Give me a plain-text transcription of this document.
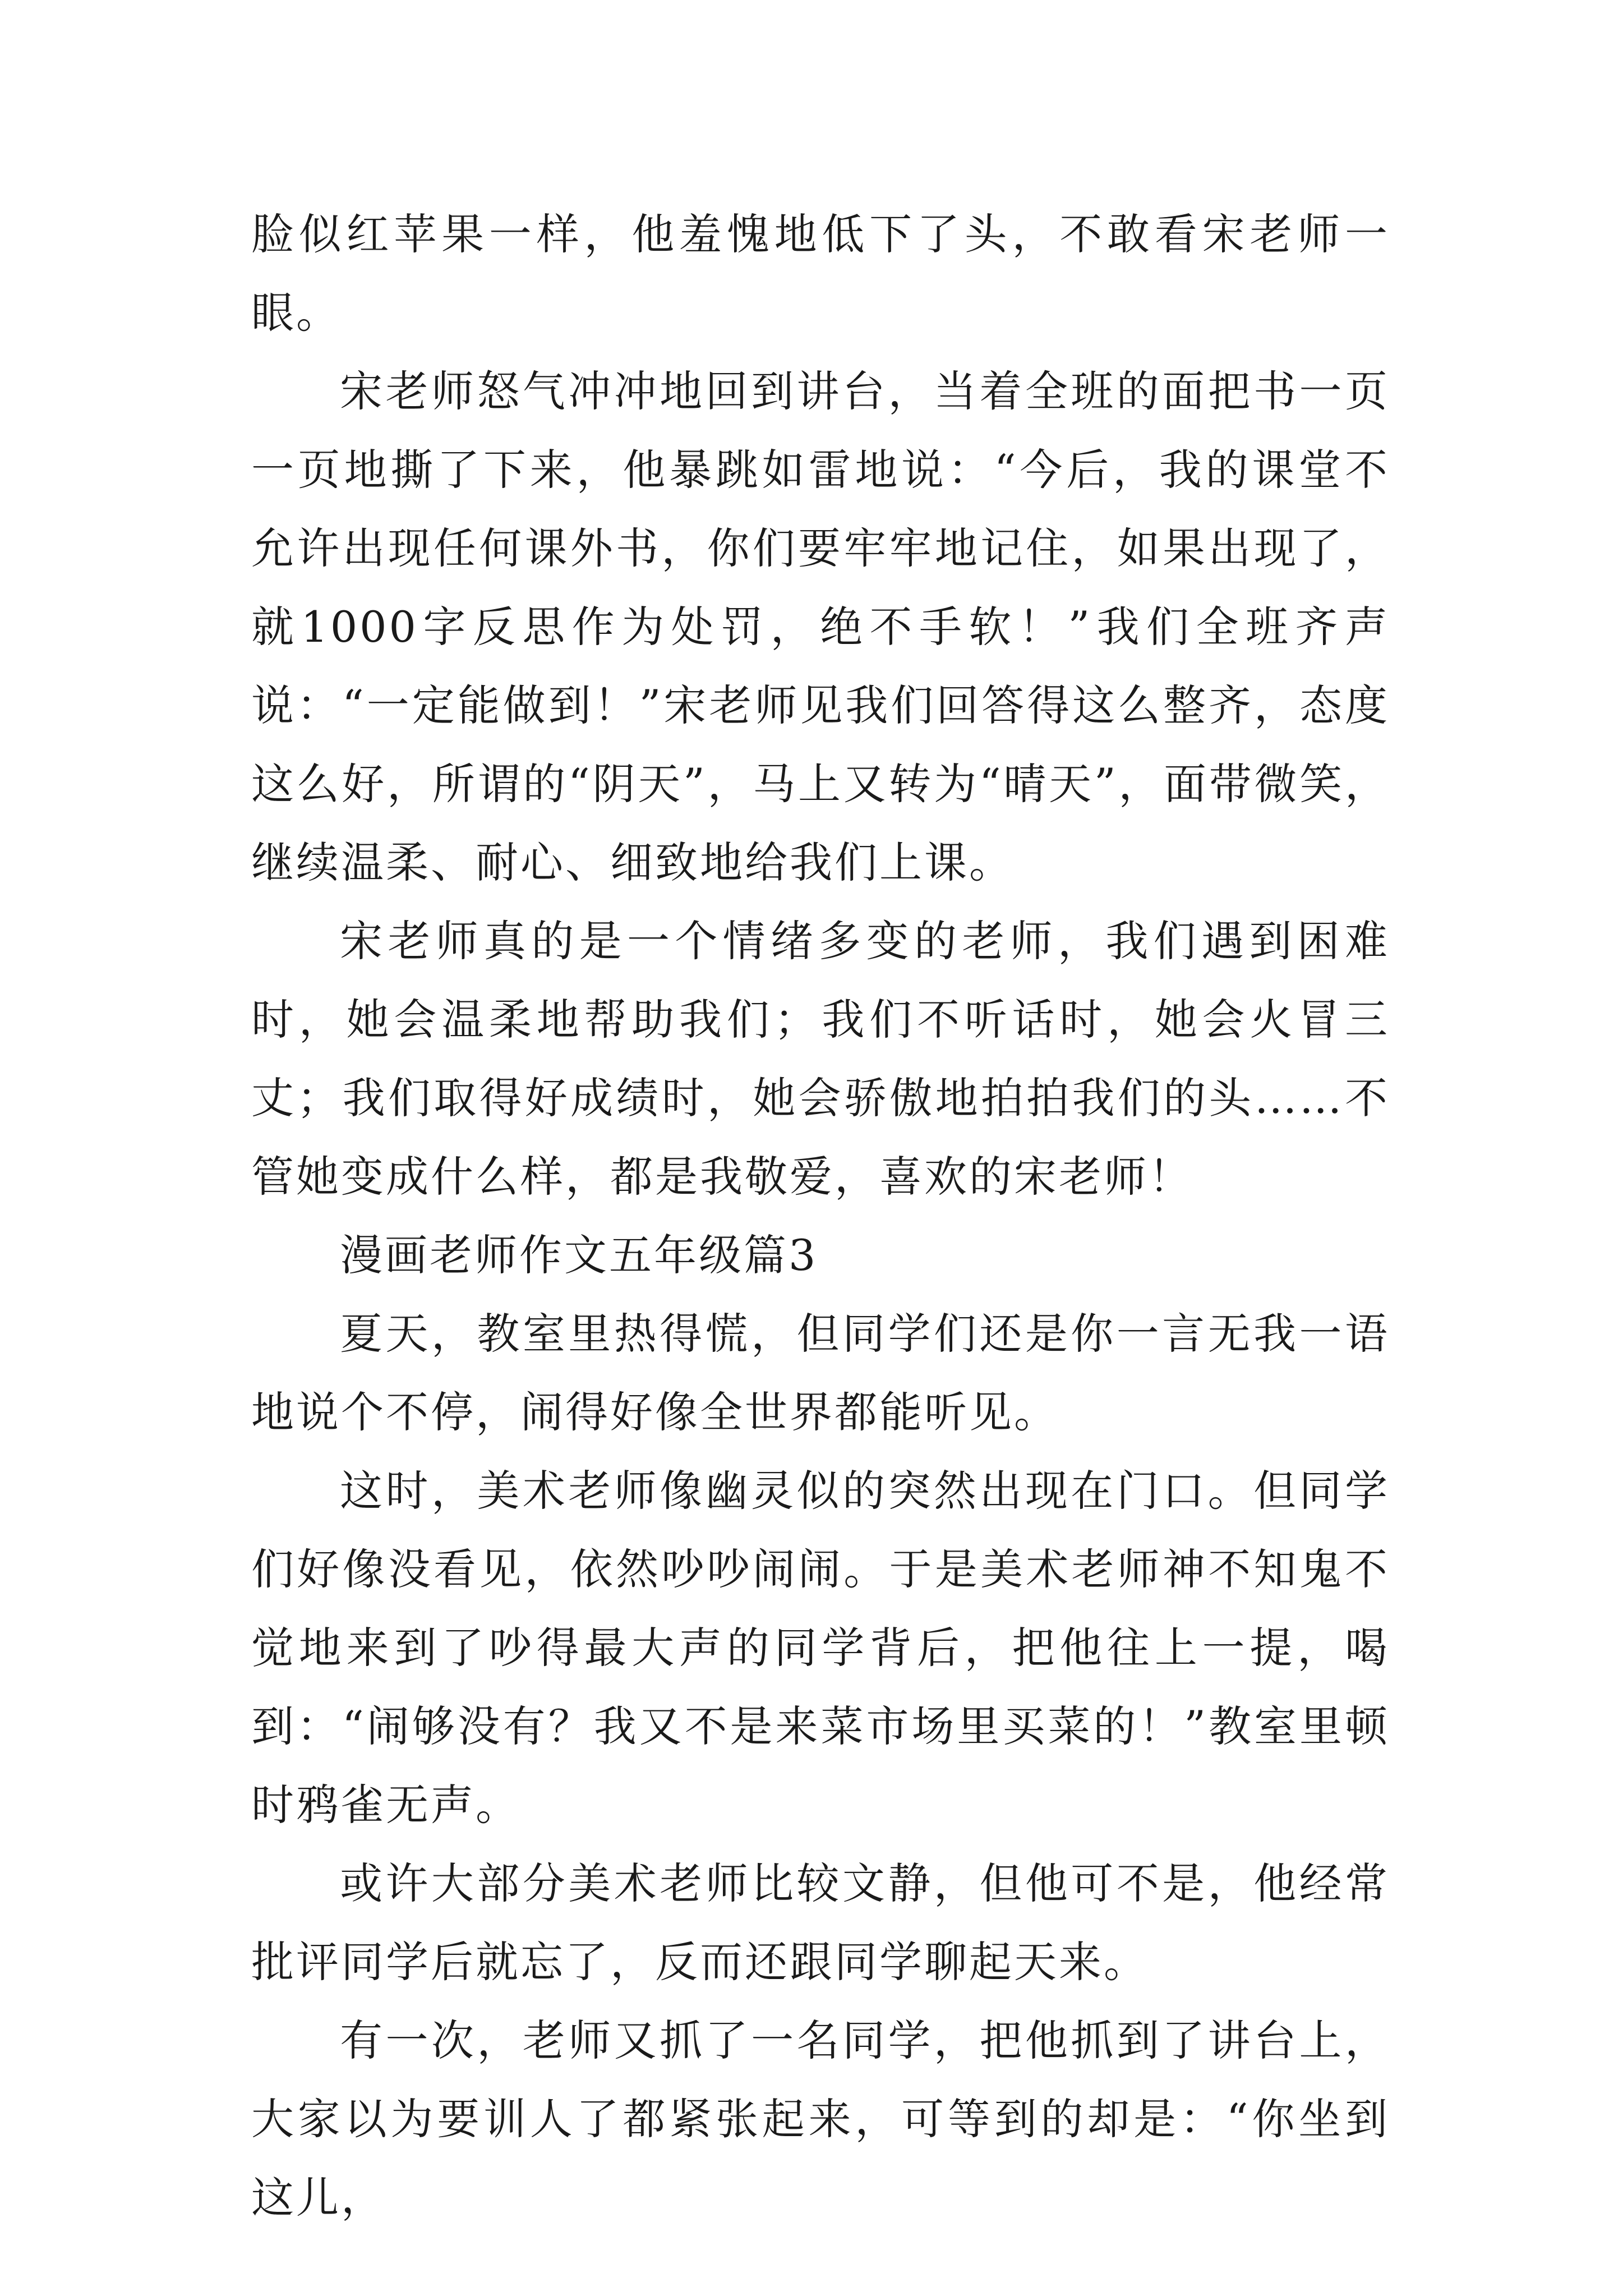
脸似红苹果一样，他羞愧地低下了头，不敢看宋老师一眼。

宋老师怒气冲冲地回到讲台，当着全班的面把书一页一页地撕了下来，他暴跳如雷地说：“今后，我的课堂不允许出现任何课外书，你们要牢牢地记住，如果出现了，就1000字反思作为处罚，绝不手软！”我们全班齐声说：“一定能做到！”宋老师见我们回答得这么整齐，态度这么好，所谓的“阴天”，马上又转为“晴天”，面带微笑，继续温柔、耐心、细致地给我们上课。

宋老师真的是一个情绪多变的老师，我们遇到困难时，她会温柔地帮助我们；我们不听话时，她会火冒三丈；我们取得好成绩时，她会骄傲地拍拍我们的头……不管她变成什么样，都是我敬爱，喜欢的宋老师！

漫画老师作文五年级篇3

夏天，教室里热得慌，但同学们还是你一言无我一语地说个不停，闹得好像全世界都能听见。

这时，美术老师像幽灵似的突然出现在门口。但同学们好像没看见，依然吵吵闹闹。于是美术老师神不知鬼不觉地来到了吵得最大声的同学背后，把他往上一提，喝到：“闹够没有？我又不是来菜市场里买菜的！”教室里顿时鸦雀无声。

或许大部分美术老师比较文静，但他可不是，他经常批评同学后就忘了，反而还跟同学聊起天来。

有一次，老师又抓了一名同学，把他抓到了讲台上，大家以为要训人了都紧张起来，可等到的却是：“你坐到这儿，
